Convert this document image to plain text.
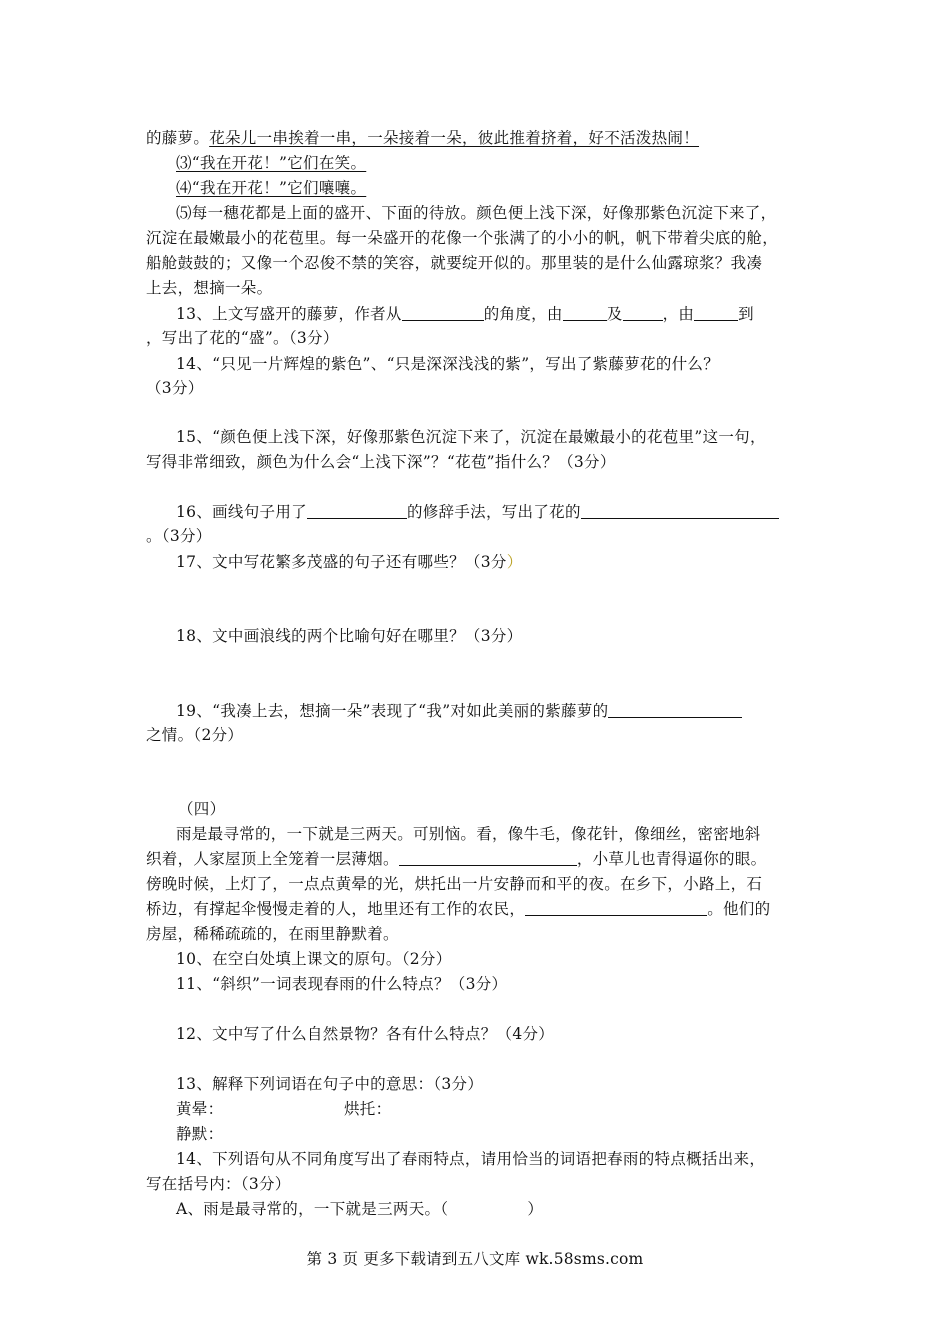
的藤萝。花朵儿一串挨着一串，一朵接着一朵，彼此推着挤着，好不活泼热闹！
⑶“我在开花！”它们在笑。
⑷“我在开花！”它们嚷嚷。
⑸每一穗花都是上面的盛开、下面的待放。颜色便上浅下深，好像那紫色沉淀下来了，
沉淀在最嫩最小的花苞里。每一朵盛开的花像一个张满了的小小的帆，帆下带着尖底的舱，
船舱鼓鼓的；又像一个忍俊不禁的笑容，就要绽开似的。那里装的是什么仙露琼浆？我凑
上去，想摘一朵。
13、上文写盛开的藤萝，作者从	的角度，由	及	，由	到
，写出了花的“盛”。（3分）
14、“只见一片辉煌的紫色”、“只是深深浅浅的紫”，写出了紫藤萝花的什么？
（3分）
15、“颜色便上浅下深，好像那紫色沉淀下来了，沉淀在最嫩最小的花苞里”这一句，
写得非常细致，颜色为什么会“上浅下深”？“花苞”指什么？（3分）
16、画线句子用了	的修辞手法，写出了花的
。（3分）
17、文中写花繁多茂盛的句子还有哪些？（3分）
18、文中画浪线的两个比喻句好在哪里？（3分）
19、“我凑上去，想摘一朵”表现了“我”对如此美丽的紫藤萝的
之情。（2分）
（四）
雨是最寻常的，一下就是三两天。可别恼。看，像牛毛，像花针，像细丝，密密地斜
织着，人家屋顶上全笼着一层薄烟。	，小草儿也青得逼你的眼。
傍晚时候，上灯了，一点点黄晕的光，烘托出一片安静而和平的夜。在乡下，小路上，石
桥边，有撑起伞慢慢走着的人，地里还有工作的农民，	。他们的
房屋，稀稀疏疏的，在雨里静默着。
10、在空白处填上课文的原句。（2分）
11、“斜织”一词表现春雨的什么特点？（3分）
12、文中写了什么自然景物？各有什么特点？（4分）
13、解释下列词语在句子中的意思：（3分）
黄晕：	烘托：
静默：
14、下列语句从不同角度写出了春雨特点，请用恰当的词语把春雨的特点概括出来，
写在括号内：（3分）
A、雨是最寻常的，一下就是三两天。（　　　　　）
第 3 页 更多下载请到五八文库 wk.58sms.com
